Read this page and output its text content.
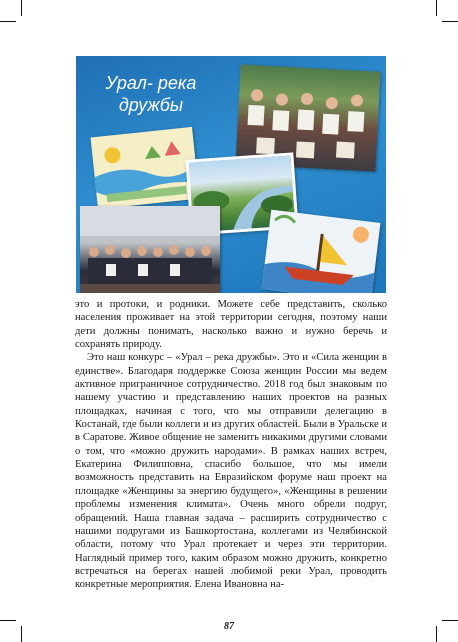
Урал- река
дружбы

это и протоки, и родники. Можете себе представить, сколько населения проживает на этой территории сегодня, поэтому наши дети должны понимать, насколько важно и нужно беречь и сохранять природу.

Это наш конкурс – «Урал – река дружбы». Это и «Сила женщин в единстве». Благодаря поддержке Союза женщин России мы ведем активное приграничное сотрудничество. 2018 год был знаковым по нашему участию и представлению наших проектов на разных площадках, начиная с того, что мы отправили делегацию в Костанай, где были коллеги и из других областей. Были в Уральске и в Саратове. Живое общение не заменить никакими другими словами о том, что «можно дружить народами». В рамках наших встреч, Екатерина Филипповна, спасибо большое, что мы имели возможность представить на Евразийском форуме наш проект на площадке «Женщины за энергию будущего», «Женщины в решении проблемы изменения климата». Очень много обрели подруг, обращений. Наша главная задача – расширить сотрудничество с нашими подругами из Башкортостана, коллегами из Челябинской области, потому что Урал протекает и через эти территории. Наглядный пример того, каким образом можно дружить, конкретно встречаться на берегах нашей любимой реки Урал, проводить конкретные мероприятия. Елена Ивановна на-

87
